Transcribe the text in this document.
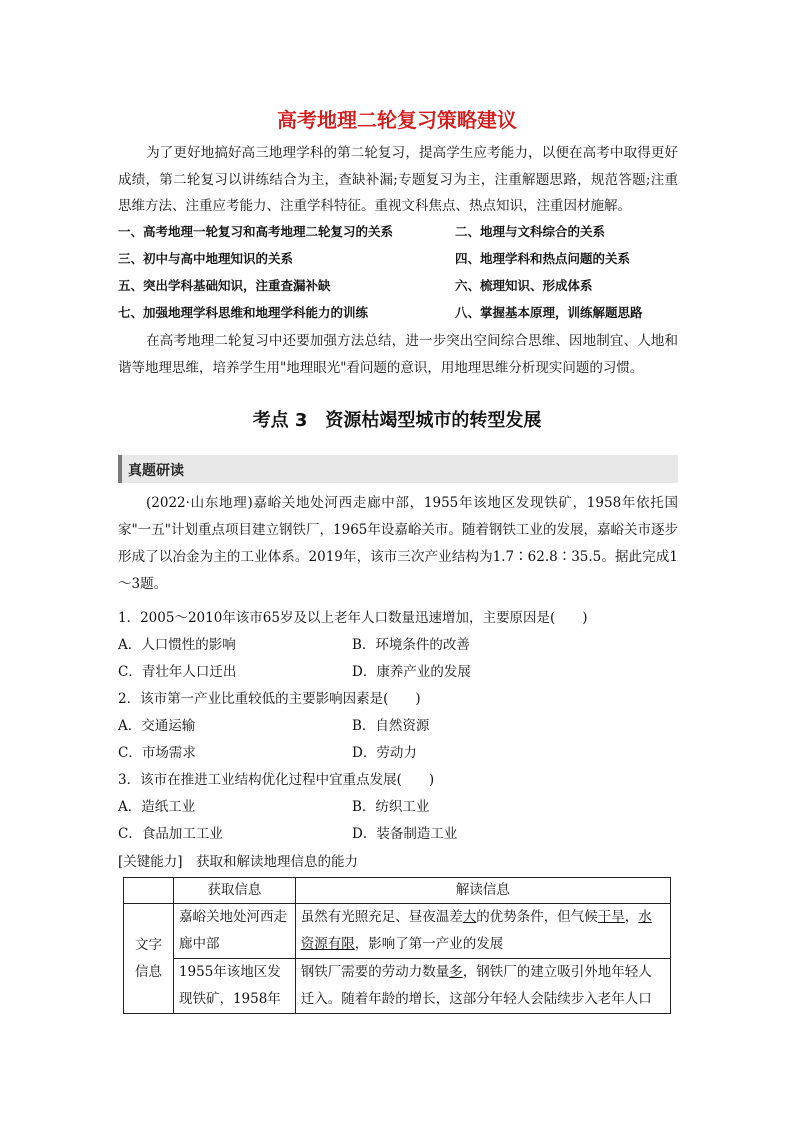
高考地理二轮复习策略建议
为了更好地搞好高三地理学科的第二轮复习，提高学生应考能力，以便在高考中取得更好成绩，第二轮复习以讲练结合为主，查缺补漏;专题复习为主，注重解题思路，规范答题;注重思维方法、注重应考能力、注重学科特征。重视文科焦点、热点知识，注重因材施解。
一、高考地理一轮复习和高考地理二轮复习的关系	二、地理与文科综合的关系
三、初中与高中地理知识的关系	四、地理学科和热点问题的关系
五、突出学科基础知识，注重查漏补缺	六、梳理知识、形成体系
七、加强地理学科思维和地理学科能力的训练	八、掌握基本原理，训练解题思路
在高考地理二轮复习中还要加强方法总结，进一步突出空间综合思维、因地制宜、人地和谐等地理思维，培养学生用"地理眼光"看问题的意识，用地理思维分析现实问题的习惯。
考点 3　资源枯竭型城市的转型发展
真题研读
(2022·山东地理)嘉峪关地处河西走廊中部，1955年该地区发现铁矿，1958年依托国家"一五"计划重点项目建立钢铁厂，1965年设嘉峪关市。随着钢铁工业的发展，嘉峪关市逐步形成了以冶金为主的工业体系。2019年，该市三次产业结构为1.7∶62.8∶35.5。据此完成1～3题。
1．2005～2010年该市65岁及以上老年人口数量迅速增加，主要原因是(　　)
A．人口惯性的影响	B．环境条件的改善
C．青壮年人口迁出	D．康养产业的发展
2．该市第一产业比重较低的主要影响因素是(　　)
A．交通运输	B．自然资源
C．市场需求	D．劳动力
3．该市在推进工业结构优化过程中宜重点发展(　　)
A．造纸工业	B．纺织工业
C．食品加工工业	D．装备制造工业
[关键能力]　获取和解读地理信息的能力
	获取信息	解读信息
文字信息	嘉峪关地处河西走廊中部	虽然有光照充足、昼夜温差大的优势条件，但气候干旱，水资源有限，影响了第一产业的发展
	1955年该地区发现铁矿，1958年	钢铁厂需要的劳动力数量多，钢铁厂的建立吸引外地年轻人迁入。随着年龄的增长，这部分年轻人会陆续步入老年人口
